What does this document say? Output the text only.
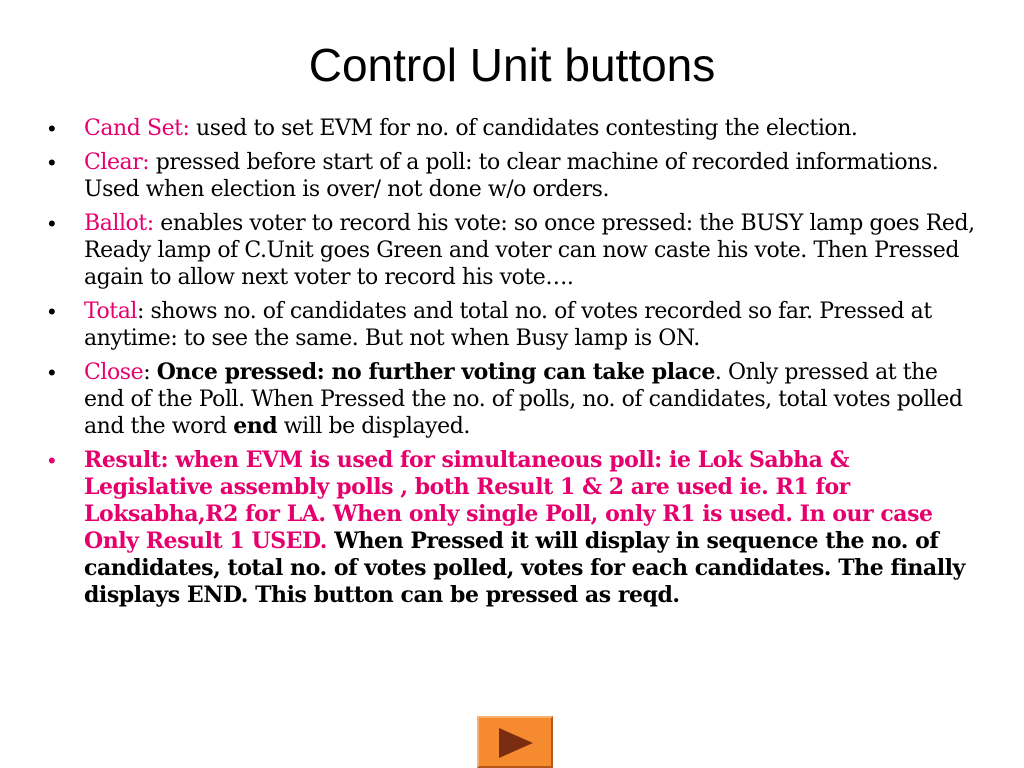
Control Unit buttons
• Cand Set: used to set EVM for no. of candidates contesting the election.
• Clear: pressed before start of a poll: to clear machine of recorded informations. Used when election is over/ not done w/o orders.
• Ballot: enables voter to record his vote: so once pressed: the BUSY lamp goes Red, Ready lamp of C.Unit goes Green and voter can now caste his vote. Then Pressed again to allow next voter to record his vote….
• Total: shows no. of candidates and total no. of votes recorded so far. Pressed at anytime: to see the same. But not when Busy lamp is ON.
• Close: Once pressed: no further voting can take place. Only pressed at the end of the Poll. When Pressed the no. of polls, no. of candidates, total votes polled and the word end will be displayed.
• Result: when EVM is used for simultaneous poll: ie Lok Sabha & Legislative assembly polls , both Result 1 & 2 are used ie. R1 for Loksabha,R2 for LA. When only single Poll, only R1 is used. In our case Only Result 1 USED. When Pressed it will display in sequence the no. of candidates, total no. of votes polled, votes for each candidates. The finally displays END. This button can be pressed as reqd.
